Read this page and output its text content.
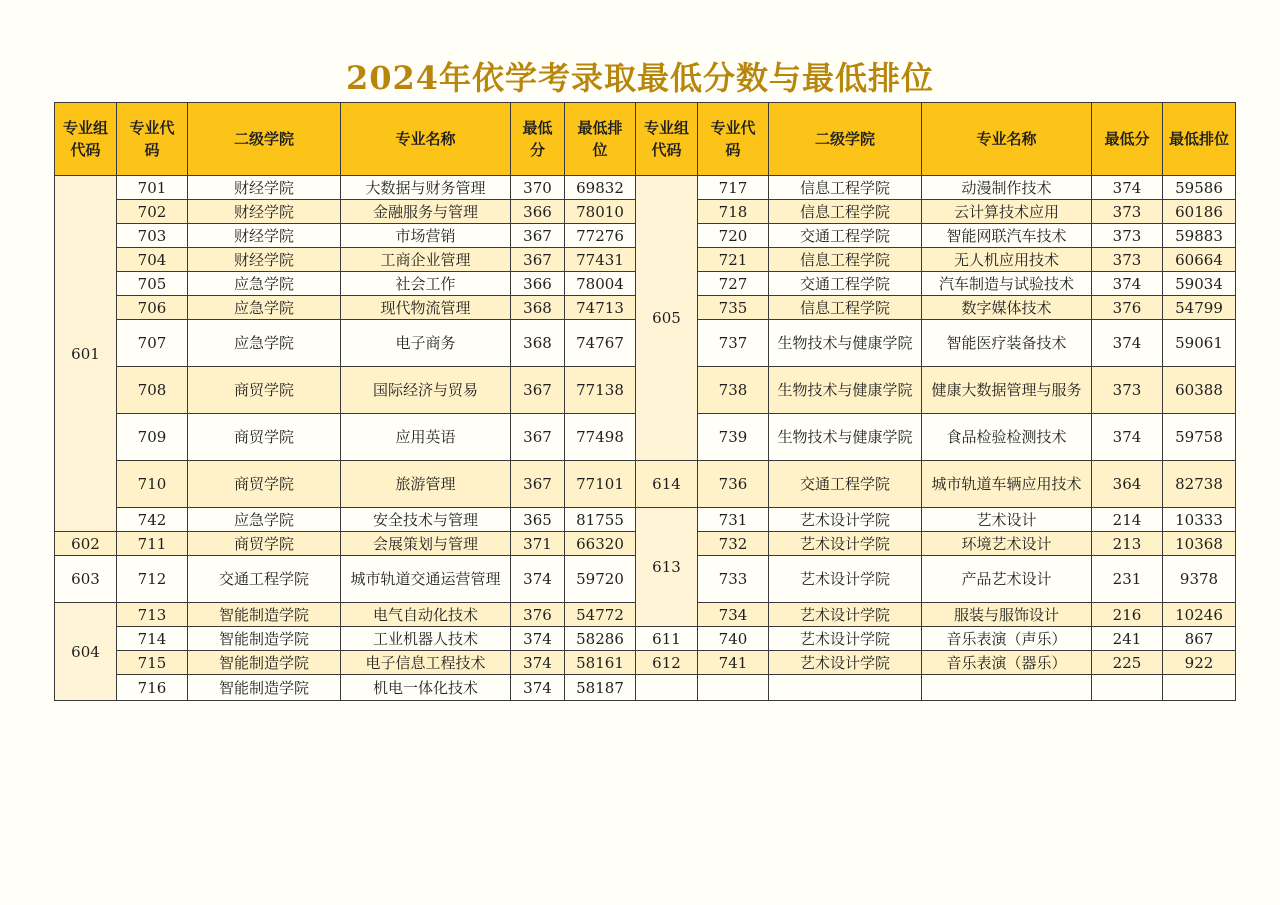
2024年依学考录取最低分数与最低排位
专业组代码	专业代码	二级学院	专业名称	最低分	最低排位	专业组代码	专业代码	二级学院	专业名称	最低分	最低排位
601	701	财经学院	大数据与财务管理	370	69832	605	717	信息工程学院	动漫制作技术	374	59586
	702	财经学院	金融服务与管理	366	78010		718	信息工程学院	云计算技术应用	373	60186
	703	财经学院	市场营销	367	77276		720	交通工程学院	智能网联汽车技术	373	59883
	704	财经学院	工商企业管理	367	77431		721	信息工程学院	无人机应用技术	373	60664
	705	应急学院	社会工作	366	78004		727	交通工程学院	汽车制造与试验技术	374	59034
	706	应急学院	现代物流管理	368	74713		735	信息工程学院	数字媒体技术	376	54799
	707	应急学院	电子商务	368	74767		737	生物技术与健康学院	智能医疗装备技术	374	59061
	708	商贸学院	国际经济与贸易	367	77138		738	生物技术与健康学院	健康大数据管理与服务	373	60388
	709	商贸学院	应用英语	367	77498		739	生物技术与健康学院	食品检验检测技术	374	59758
	710	商贸学院	旅游管理	367	77101	614	736	交通工程学院	城市轨道车辆应用技术	364	82738
	742	应急学院	安全技术与管理	365	81755	613	731	艺术设计学院	艺术设计	214	10333
602	711	商贸学院	会展策划与管理	371	66320		732	艺术设计学院	环境艺术设计	213	10368
603	712	交通工程学院	城市轨道交通运营管理	374	59720		733	艺术设计学院	产品艺术设计	231	9378
604	713	智能制造学院	电气自动化技术	376	54772		734	艺术设计学院	服装与服饰设计	216	10246
	714	智能制造学院	工业机器人技术	374	58286	611	740	艺术设计学院	音乐表演（声乐）	241	867
	715	智能制造学院	电子信息工程技术	374	58161	612	741	艺术设计学院	音乐表演（器乐）	225	922
	716	智能制造学院	机电一体化技术	374	58187						
